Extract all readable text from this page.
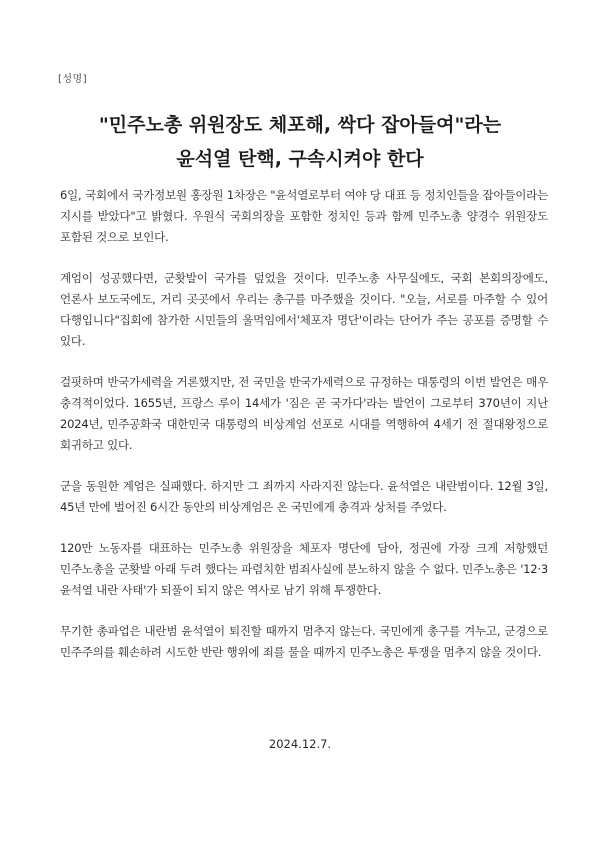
[성명]
"민주노총 위원장도 체포해, 싹다 잡아들여"라는
윤석열 탄핵, 구속시켜야 한다

6일, 국회에서 국가정보원 홍장원 1차장은 "윤석열로부터 여야 당 대표 등 정치인들을 잡아들이라는 지시를 받았다"고 밝혔다. 우원식 국회의장을 포함한 정치인 등과 함께 민주노총 양경수 위원장도 포함된 것으로 보인다.

계엄이 성공했다면, 군홧발이 국가를 덮었을 것이다. 민주노총 사무실에도, 국회 본회의장에도, 언론사 보도국에도, 거리 곳곳에서 우리는 총구를 마주했을 것이다. "오늘, 서로를 마주할 수 있어 다행입니다"집회에 참가한 시민들의 울먹임에서'체포자 명단'이라는 단어가 주는 공포를 증명할 수 있다.

걸핏하며 반국가세력을 거론했지만, 전 국민을 반국가세력으로 규정하는 대통령의 이번 발언은 매우 충격적이었다. 1655년, 프랑스 루이 14세가 '짐은 곧 국가다'라는 발언이 그로부터 370년이 지난 2024년, 민주공화국 대한민국 대통령의 비상계엄 선포로 시대를 역행하여 4세기 전 절대왕정으로 회귀하고 있다.

군을 동원한 계엄은 실패했다. 하지만 그 죄까지 사라지진 않는다. 윤석열은 내란범이다. 12월 3일, 45년 만에 벌어진 6시간 동안의 비상계엄은 온 국민에게 충격과 상처를 주었다.

120만 노동자를 대표하는 민주노총 위원장을 체포자 명단에 담아, 정권에 가장 크게 저항했던 민주노총을 군홧발 아래 두려 했다는 파렴치한 범죄사실에 분노하지 않을 수 없다. 민주노총은 '12·3 윤석열 내란 사태'가 되풀이 되지 않은 역사로 남기 위해 투쟁한다.

무기한 총파업은 내란범 윤석열이 퇴진할 때까지 멈추지 않는다. 국민에게 총구를 겨누고, 군경으로 민주주의를 훼손하려 시도한 반란 행위에 죄를 물을 때까지 민주노총은 투쟁을 멈추지 않을 것이다.

2024.12.7.
